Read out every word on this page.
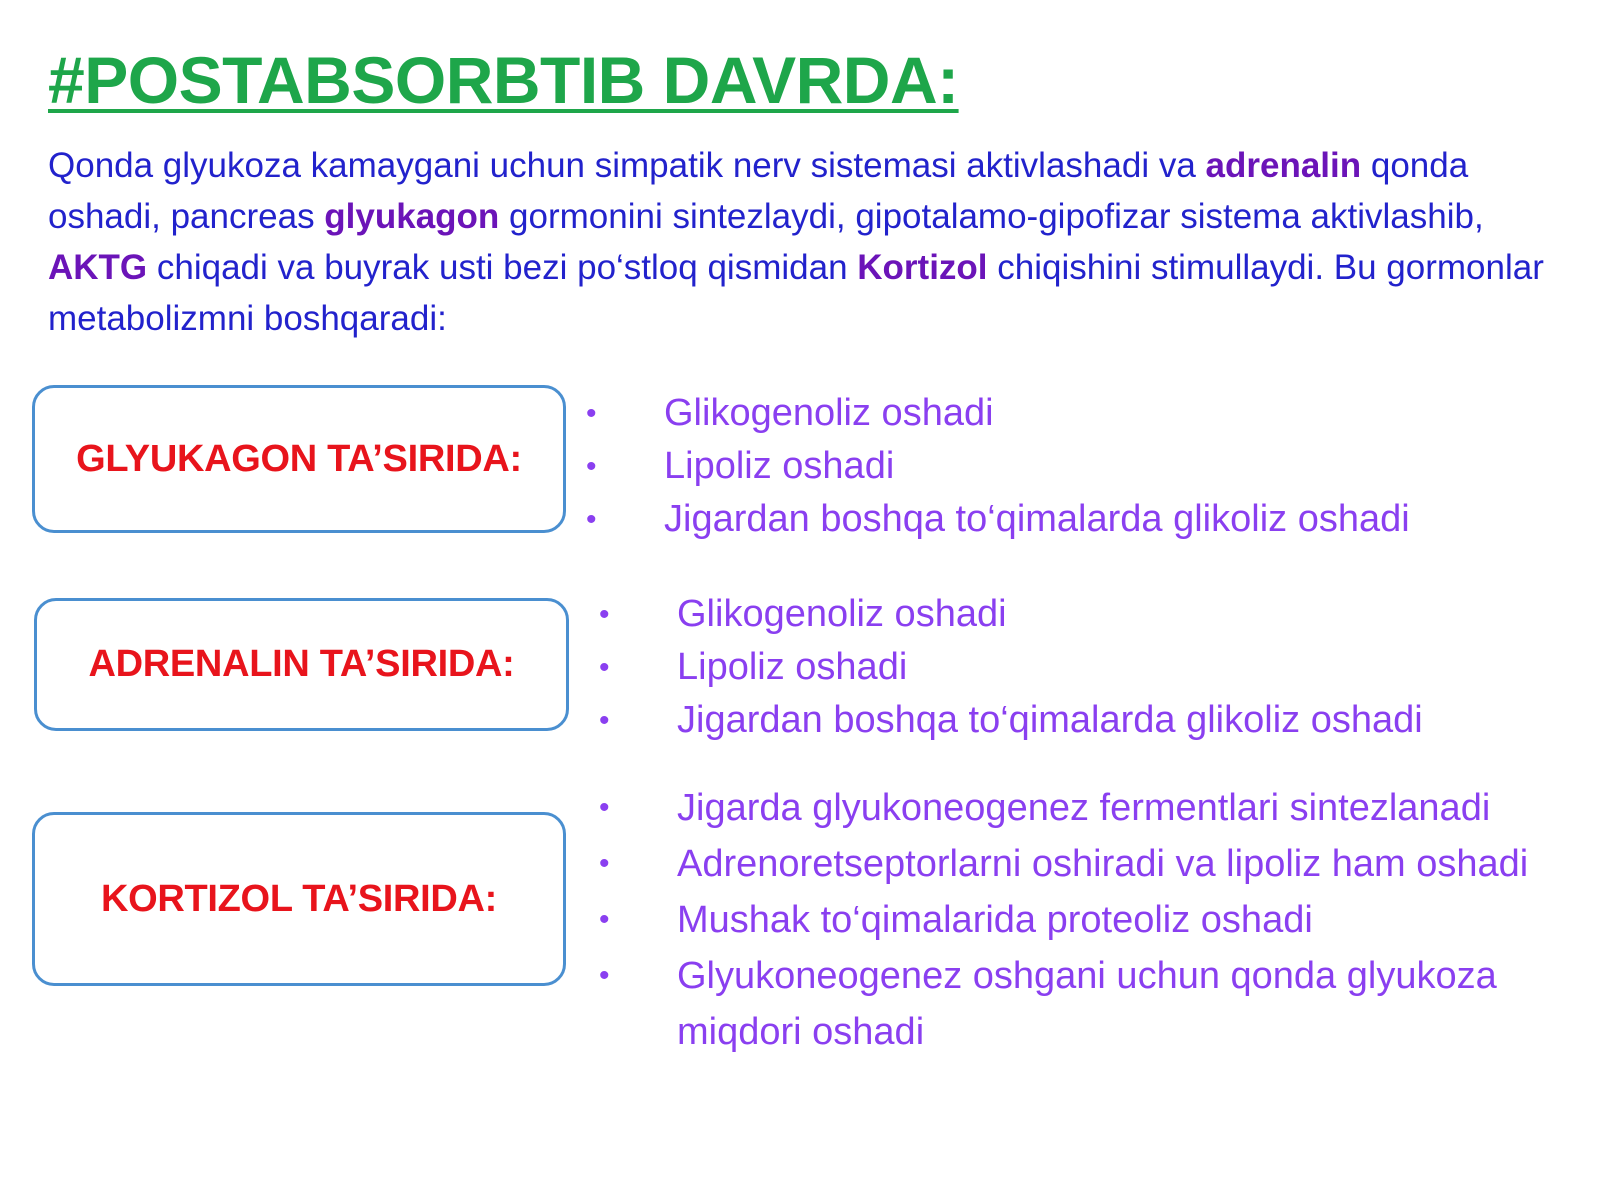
#POSTABSORBTIB DAVRDA:

Qonda glyukoza kamaygani uchun simpatik nerv sistemasi aktivlashadi va adrenalin qonda oshadi, pancreas glyukagon gormonini sintezlaydi, gipotalamo-gipofizar sistema aktivlashib, AKTG chiqadi va buyrak usti bezi po‘stloq qismidan Kortizol chiqishini stimullaydi. Bu gormonlar metabolizmni boshqaradi:

GLYUKAGON TA’SIRIDA:
• Glikogenoliz oshadi
• Lipoliz oshadi
• Jigardan boshqa to‘qimalarda glikoliz oshadi
ADRENALIN TA’SIRIDA:
• Glikogenoliz oshadi
• Lipoliz oshadi
• Jigardan boshqa to‘qimalarda glikoliz oshadi
KORTIZOL TA’SIRIDA:
• Jigarda glyukoneogenez fermentlari sintezlanadi
• Adrenoretseptorlarni oshiradi va lipoliz ham oshadi
• Mushak to‘qimalarida proteoliz oshadi
• Glyukoneogenez oshgani uchun qonda glyukoza miqdori oshadi
